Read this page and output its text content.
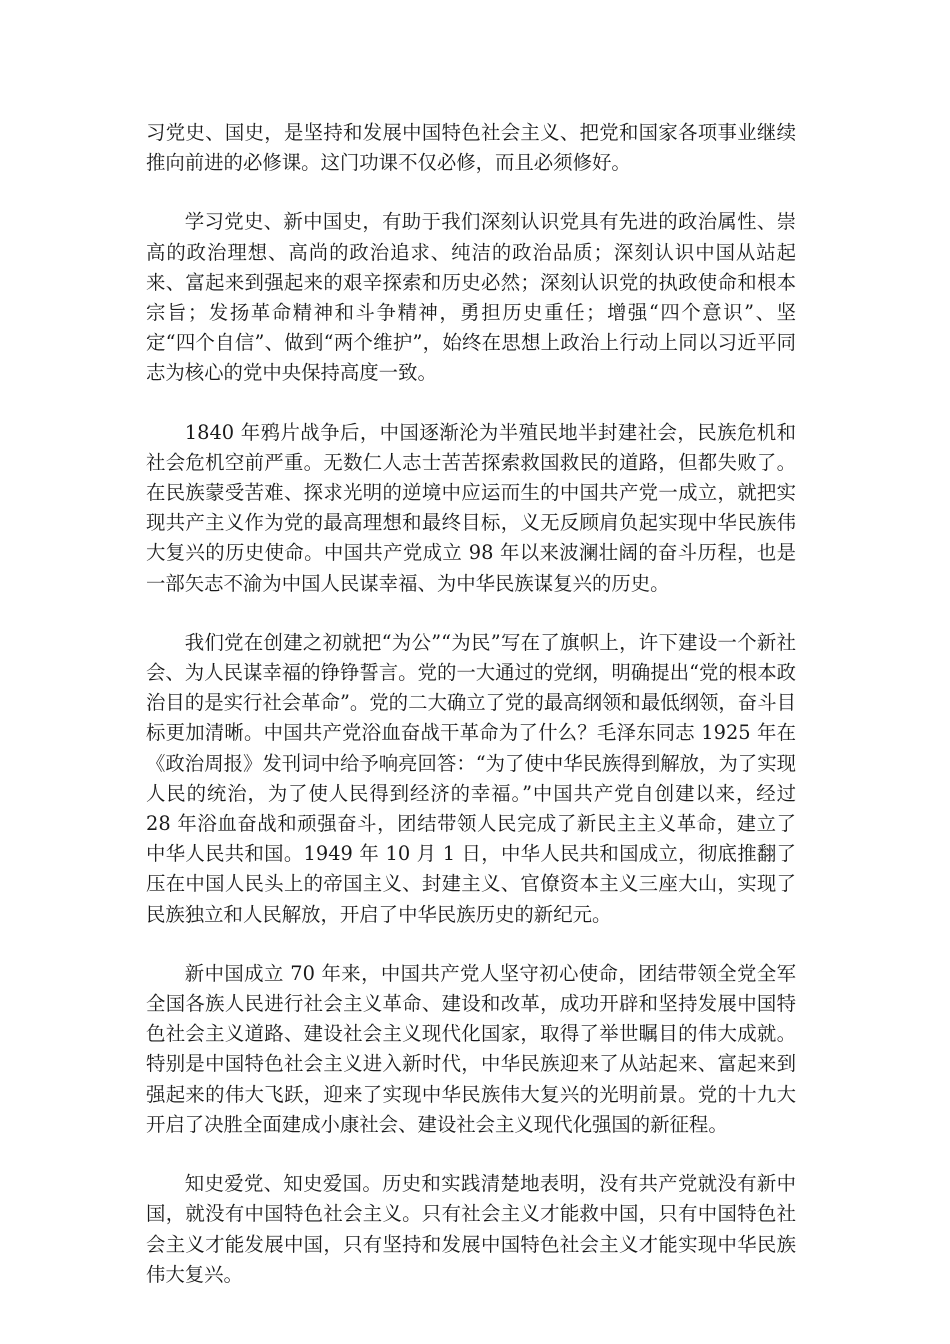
习党史、国史，是坚持和发展中国特色社会主义、把党和国家各项事业继续推向前进的必修课。这门功课不仅必修，而且必须修好。

学习党史、新中国史，有助于我们深刻认识党具有先进的政治属性、崇高的政治理想、高尚的政治追求、纯洁的政治品质；深刻认识中国从站起来、富起来到强起来的艰辛探索和历史必然；深刻认识党的执政使命和根本宗旨；发扬革命精神和斗争精神，勇担历史重任；增强“四个意识”、坚定“四个自信”、做到“两个维护”，始终在思想上政治上行动上同以习近平同志为核心的党中央保持高度一致。

1840 年鸦片战争后，中国逐渐沦为半殖民地半封建社会，民族危机和社会危机空前严重。无数仁人志士苦苦探索救国救民的道路，但都失败了。在民族蒙受苦难、探求光明的逆境中应运而生的中国共产党一成立，就把实现共产主义作为党的最高理想和最终目标，义无反顾肩负起实现中华民族伟大复兴的历史使命。中国共产党成立 98 年以来波澜壮阔的奋斗历程，也是一部矢志不渝为中国人民谋幸福、为中华民族谋复兴的历史。

我们党在创建之初就把“为公”“为民”写在了旗帜上，许下建设一个新社会、为人民谋幸福的铮铮誓言。党的一大通过的党纲，明确提出“党的根本政治目的是实行社会革命”。党的二大确立了党的最高纲领和最低纲领，奋斗目标更加清晰。中国共产党浴血奋战干革命为了什么？毛泽东同志 1925 年在《政治周报》发刊词中给予响亮回答：“为了使中华民族得到解放，为了实现人民的统治，为了使人民得到经济的幸福。”中国共产党自创建以来，经过 28 年浴血奋战和顽强奋斗，团结带领人民完成了新民主主义革命，建立了中华人民共和国。1949 年 10 月 1 日，中华人民共和国成立，彻底推翻了压在中国人民头上的帝国主义、封建主义、官僚资本主义三座大山，实现了民族独立和人民解放，开启了中华民族历史的新纪元。

新中国成立 70 年来，中国共产党人坚守初心使命，团结带领全党全军全国各族人民进行社会主义革命、建设和改革，成功开辟和坚持发展中国特色社会主义道路、建设社会主义现代化国家，取得了举世瞩目的伟大成就。特别是中国特色社会主义进入新时代，中华民族迎来了从站起来、富起来到强起来的伟大飞跃，迎来了实现中华民族伟大复兴的光明前景。党的十九大开启了决胜全面建成小康社会、建设社会主义现代化强国的新征程。

知史爱党、知史爱国。历史和实践清楚地表明，没有共产党就没有新中国，就没有中国特色社会主义。只有社会主义才能救中国，只有中国特色社会主义才能发展中国，只有坚持和发展中国特色社会主义才能实现中华民族伟大复兴。
